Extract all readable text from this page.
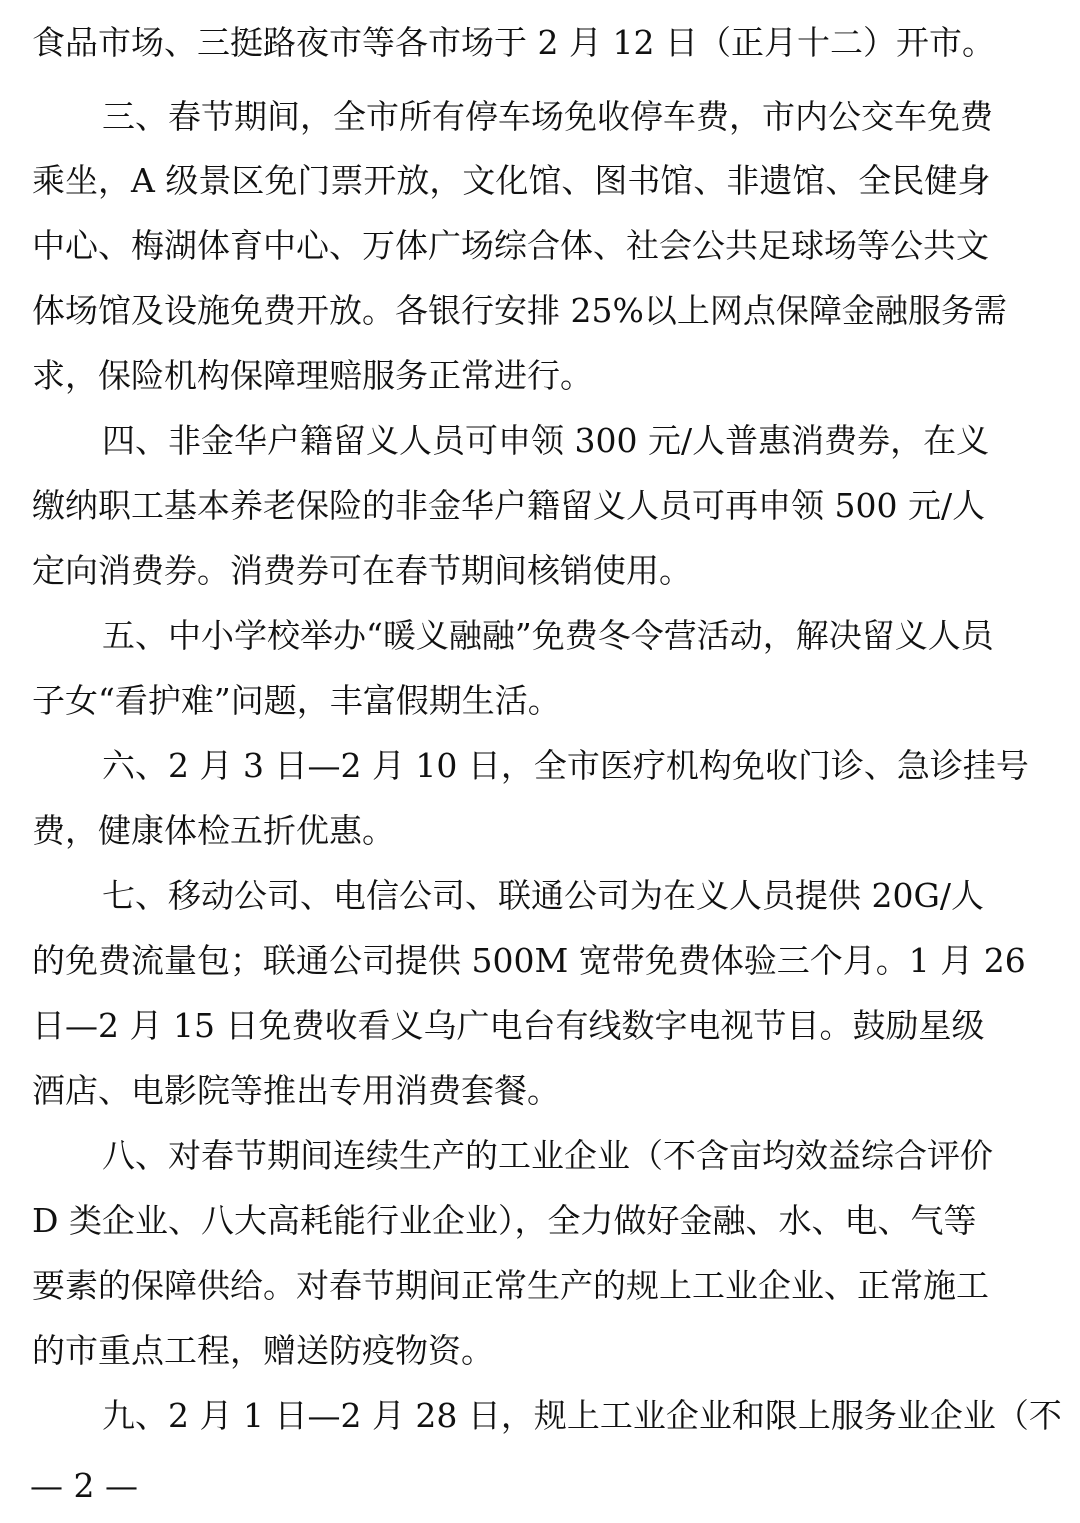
食品市场、三挺路夜市等各市场于 2 月 12 日（正月十二）开市。
三、春节期间，全市所有停车场免收停车费，市内公交车免费
乘坐，A 级景区免门票开放，文化馆、图书馆、非遗馆、全民健身
中心、梅湖体育中心、万体广场综合体、社会公共足球场等公共文
体场馆及设施免费开放。各银行安排 25%以上网点保障金融服务需
求，保险机构保障理赔服务正常进行。
四、非金华户籍留义人员可申领 300 元/人普惠消费券，在义
缴纳职工基本养老保险的非金华户籍留义人员可再申领 500 元/人
定向消费券。消费券可在春节期间核销使用。
五、中小学校举办“暖义融融”免费冬令营活动，解决留义人员
子女“看护难”问题，丰富假期生活。
六、2 月 3 日—2 月 10 日，全市医疗机构免收门诊、急诊挂号
费，健康体检五折优惠。
七、移动公司、电信公司、联通公司为在义人员提供 20G/人
的免费流量包；联通公司提供 500M 宽带免费体验三个月。1 月 26
日—2 月 15 日免费收看义乌广电台有线数字电视节目。鼓励星级
酒店、电影院等推出专用消费套餐。
八、对春节期间连续生产的工业企业（不含亩均效益综合评价
D 类企业、八大高耗能行业企业），全力做好金融、水、电、气等
要素的保障供给。对春节期间正常生产的规上工业企业、正常施工
的市重点工程，赠送防疫物资。
九、2 月 1 日—2 月 28 日，规上工业企业和限上服务业企业（不
— 2 —
